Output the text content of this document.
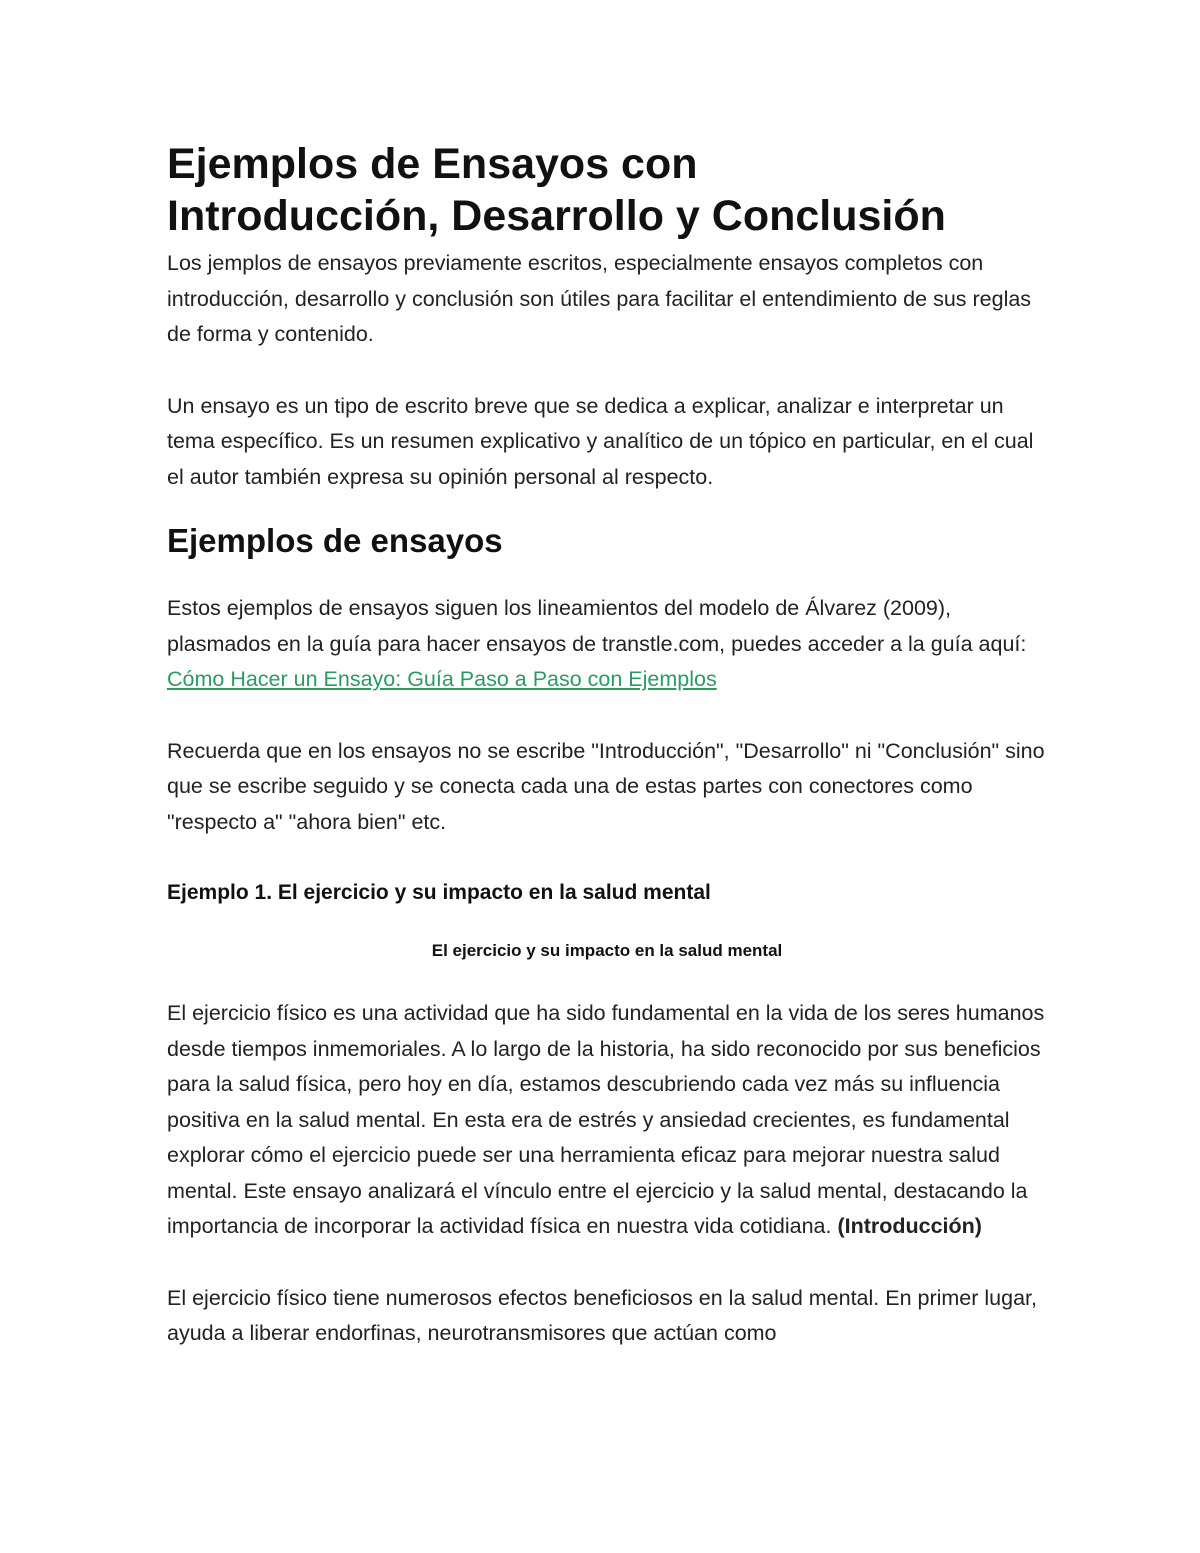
Ejemplos de Ensayos con
Introducción, Desarrollo y Conclusión

Los jemplos de ensayos previamente escritos, especialmente ensayos completos con introducción, desarrollo y conclusión son útiles para facilitar el entendimiento de sus reglas de forma y contenido.

Un ensayo es un tipo de escrito breve que se dedica a explicar, analizar e interpretar un tema específico. Es un resumen explicativo y analítico de un tópico en particular, en el cual el autor también expresa su opinión personal al respecto.

Ejemplos de ensayos

Estos ejemplos de ensayos siguen los lineamientos del modelo de Álvarez (2009), plasmados en la guía para hacer ensayos de transtle.com, puedes acceder a la guía aquí: Cómo Hacer un Ensayo: Guía Paso a Paso con Ejemplos

Recuerda que en los ensayos no se escribe "Introducción", "Desarrollo" ni "Conclusión" sino que se escribe seguido y se conecta cada una de estas partes con conectores como "respecto a" "ahora bien" etc.

Ejemplo 1. El ejercicio y su impacto en la salud mental

El ejercicio y su impacto en la salud mental

El ejercicio físico es una actividad que ha sido fundamental en la vida de los seres humanos desde tiempos inmemoriales. A lo largo de la historia, ha sido reconocido por sus beneficios para la salud física, pero hoy en día, estamos descubriendo cada vez más su influencia positiva en la salud mental. En esta era de estrés y ansiedad crecientes, es fundamental explorar cómo el ejercicio puede ser una herramienta eficaz para mejorar nuestra salud mental. Este ensayo analizará el vínculo entre el ejercicio y la salud mental, destacando la importancia de incorporar la actividad física en nuestra vida cotidiana. (Introducción)

El ejercicio físico tiene numerosos efectos beneficiosos en la salud mental. En primer lugar, ayuda a liberar endorfinas, neurotransmisores que actúan como
